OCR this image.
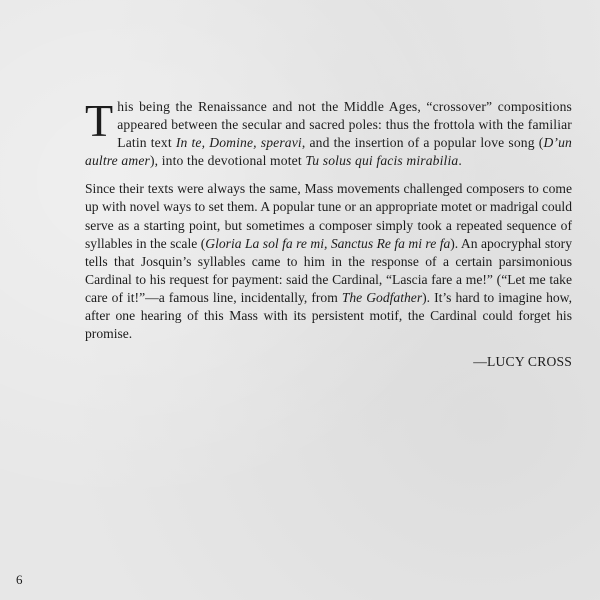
This being the Renaissance and not the Middle Ages, “crossover” compositions appeared between the secular and sacred poles: thus the frottola with the familiar Latin text In te, Domine, speravi, and the insertion of a popular love song (D’un aultre amer), into the devotional motet Tu solus qui facis mirabilia.

Since their texts were always the same, Mass movements challenged composers to come up with novel ways to set them. A popular tune or an appropriate motet or madrigal could serve as a starting point, but sometimes a composer simply took a repeated sequence of syllables in the scale (Gloria La sol fa re mi, Sanctus Re fa mi re fa). An apocryphal story tells that Josquin’s syllables came to him in the response of a certain parsimonious Cardinal to his request for payment: said the Cardinal, “Lascia fare a me!” (“Let me take care of it!”—a famous line, incidentally, from The Godfather). It’s hard to imagine how, after one hearing of this Mass with its persistent motif, the Cardinal could forget his promise.

—LUCY CROSS

6
